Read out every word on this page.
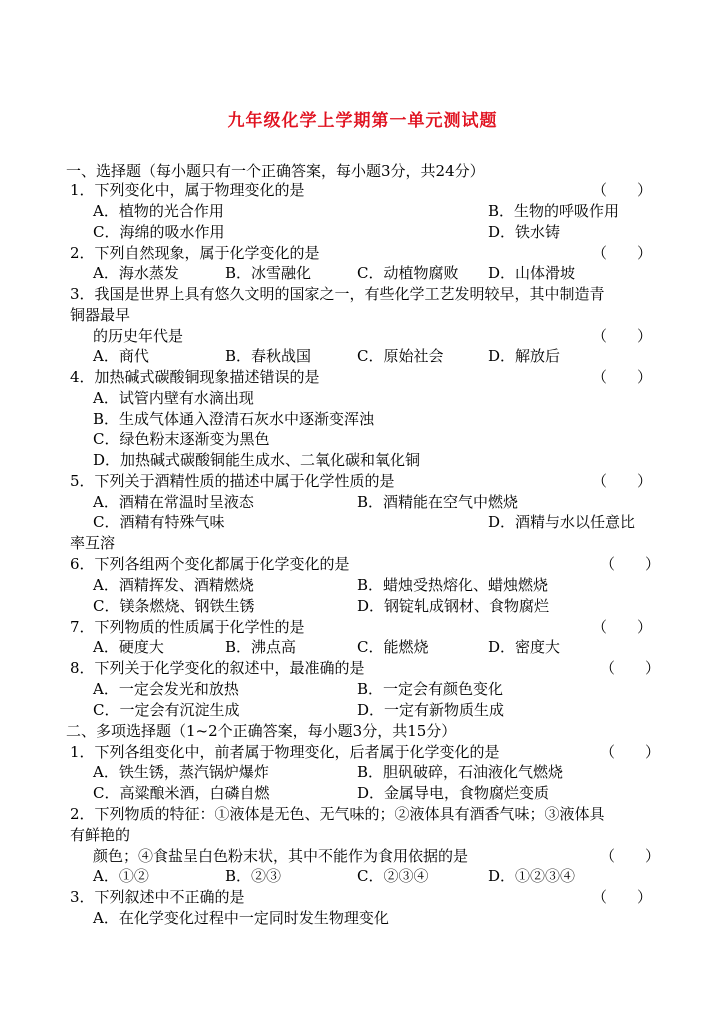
九年级化学上学期第一单元测试题
一、选择题（每小题只有一个正确答案，每小题3分，共24分）
1．下列变化中，属于物理变化的是	（　　）
A．植物的光合作用	B．生物的呼吸作用
C．海绵的吸水作用	D．铁水铸
2．下列自然现象，属于化学变化的是	（　　）
A．海水蒸发	B．冰雪融化	C．动植物腐败 D．山体滑坡
3．我国是世界上具有悠久文明的国家之一，有些化学工艺发明较早，其中制造青
铜器最早
的历史年代是	（　　）
A．商代	B．春秋战国	C．原始社会	D．解放后
4．加热碱式碳酸铜现象描述错误的是	（　　）
A．试管内壁有水滴出现
B．生成气体通入澄清石灰水中逐渐变浑浊
C．绿色粉末逐渐变为黑色
D．加热碱式碳酸铜能生成水、二氧化碳和氧化铜
5．下列关于酒精性质的描述中属于化学性质的是	（　　）
A．酒精在常温时呈液态	B．酒精能在空气中燃烧
C．酒精有特殊气味	D．酒精与水以任意比
率互溶
6．下列各组两个变化都属于化学变化的是	（　　）
A．酒精挥发、酒精燃烧	B．蜡烛受热熔化、蜡烛燃烧
C．镁条燃烧、钢铁生锈	D．钢锭轧成钢材、食物腐烂
7．下列物质的性质属于化学性的是	（　　）
A．硬度大	B．沸点高	C．能燃烧	D．密度大
8．下列关于化学变化的叙述中，最准确的是	（　　）
A．一定会发光和放热	B．一定会有颜色变化
C．一定会有沉淀生成	D．一定有新物质生成
二、多项选择题（1~2个正确答案，每小题3分，共15分）
1．下列各组变化中，前者属于物理变化，后者属于化学变化的是	（　　）
A．铁生锈，蒸汽锅炉爆炸	B．胆矾破碎，石油液化气燃烧
C．高粱酿米酒，白磷自燃	D．金属导电，食物腐烂变质
2．下列物质的特征：①液体是无色、无气味的；②液体具有酒香气味；③液体具
有鲜艳的
颜色；④食盐呈白色粉末状，其中不能作为食用依据的是	（　　）
A．①②	B．②③	C．②③④	D．①②③④
3．下列叙述中不正确的是	（　　）
A．在化学变化过程中一定同时发生物理变化
